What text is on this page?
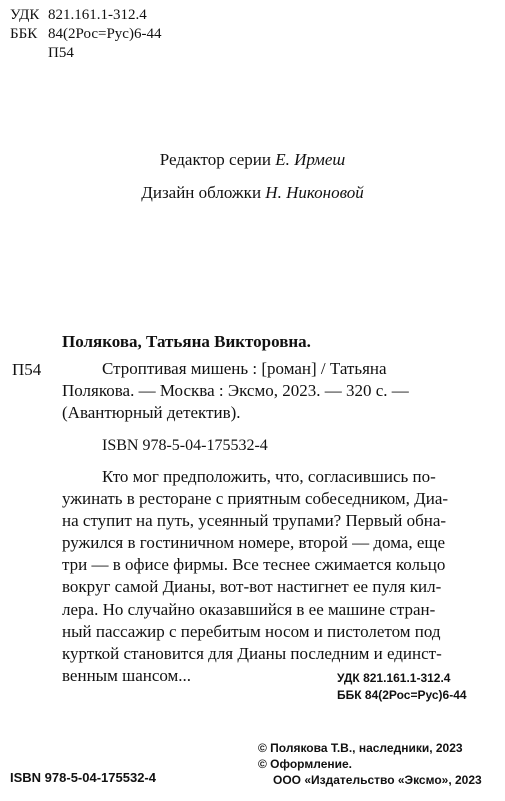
УДК 821.161.1-312.4
ББК 84(2Рос=Рус)6-44
П54
Редактор серии Е. Ирмеш
Дизайн обложки Н. Никоновой
Полякова, Татьяна Викторовна.
П54	Строптивая мишень : [роман] / Татьяна
Полякова. — Москва : Эксмо, 2023. — 320 с. —
(Авантюрный детектив).
ISBN 978-5-04-175532-4
Кто мог предположить, что, согласившись по-
ужинать в ресторане с приятным собеседником, Диа-
на ступит на путь, усеянный трупами? Первый обна-
ружился в гостиничном номере, второй — дома, еще
три — в офисе фирмы. Все теснее сжимается кольцо
вокруг самой Дианы, вот-вот настигнет ее пуля кил-
лера. Но случайно оказавшийся в ее машине стран-
ный пассажир с перебитым носом и пистолетом под
курткой становится для Дианы последним и единст-
венным шансом...	УДК 821.161.1-312.4
ББК 84(2Рос=Рус)6-44
© Полякова Т.В., наследники, 2023
© Оформление.
ООО «Издательство «Эксмо», 2023
ISBN 978-5-04-175532-4
